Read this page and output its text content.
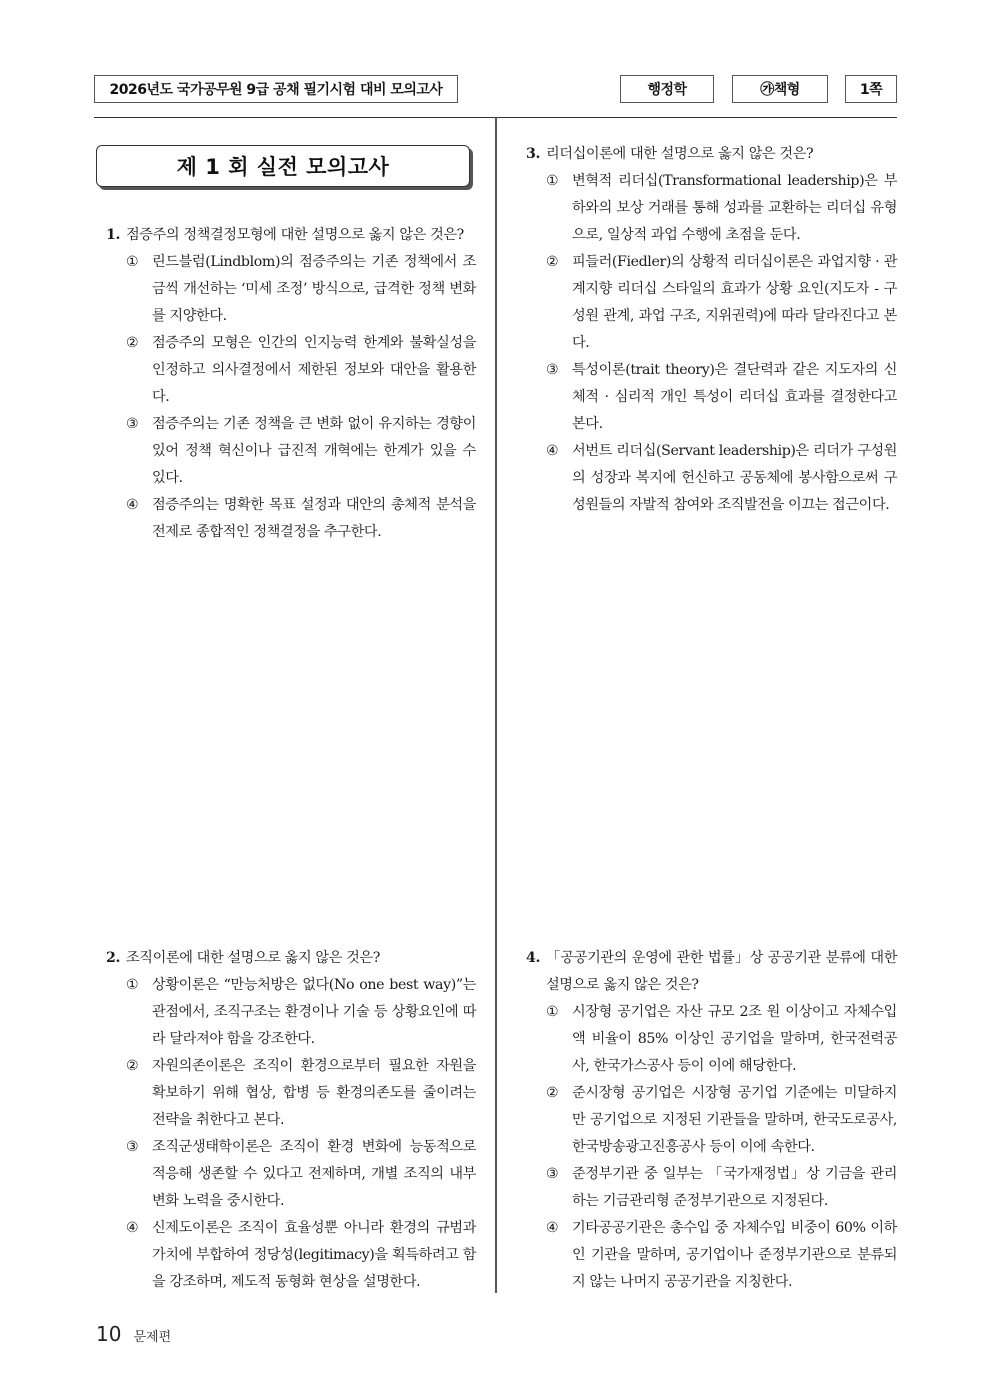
2026년도 국가공무원 9급 공채 필기시험 대비 모의고사	행정학	㉮책형	1쪽
제 1 회 실전 모의고사
1. 점증주의 정책결정모형에 대한 설명으로 옳지 않은 것은?
① 린드블럼(Lindblom)의 점증주의는 기존 정책에서 조금씩 개선하는 ‘미세 조정’ 방식으로, 급격한 정책 변화를 지양한다.
② 점증주의 모형은 인간의 인지능력 한계와 불확실성을 인정하고 의사결정에서 제한된 정보와 대안을 활용한다.
③ 점증주의는 기존 정책을 큰 변화 없이 유지하는 경향이 있어 정책 혁신이나 급진적 개혁에는 한계가 있을 수 있다.
④ 점증주의는 명확한 목표 설정과 대안의 총체적 분석을 전제로 종합적인 정책결정을 추구한다.
2. 조직이론에 대한 설명으로 옳지 않은 것은?
① 상황이론은 “만능처방은 없다(No one best way)”는 관점에서, 조직구조는 환경이나 기술 등 상황요인에 따라 달라져야 함을 강조한다.
② 자원의존이론은 조직이 환경으로부터 필요한 자원을 확보하기 위해 협상, 합병 등 환경의존도를 줄이려는 전략을 취한다고 본다.
③ 조직군생태학이론은 조직이 환경 변화에 능동적으로 적응해 생존할 수 있다고 전제하며, 개별 조직의 내부 변화 노력을 중시한다.
④ 신제도이론은 조직이 효율성뿐 아니라 환경의 규범과 가치에 부합하여 정당성(legitimacy)을 획득하려고 함을 강조하며, 제도적 동형화 현상을 설명한다.
3. 리더십이론에 대한 설명으로 옳지 않은 것은?
① 변혁적 리더십(Transformational leadership)은 부하와의 보상 거래를 통해 성과를 교환하는 리더십 유형으로, 일상적 과업 수행에 초점을 둔다.
② 피들러(Fiedler)의 상황적 리더십이론은 과업지향 · 관계지향 리더십 스타일의 효과가 상황 요인(지도자 - 구성원 관계, 과업 구조, 지위권력)에 따라 달라진다고 본다.
③ 특성이론(trait theory)은 결단력과 같은 지도자의 신체적 · 심리적 개인 특성이 리더십 효과를 결정한다고 본다.
④ 서번트 리더십(Servant leadership)은 리더가 구성원의 성장과 복지에 헌신하고 공동체에 봉사함으로써 구성원들의 자발적 참여와 조직발전을 이끄는 접근이다.
4. 「공공기관의 운영에 관한 법률」상 공공기관 분류에 대한 설명으로 옳지 않은 것은?
① 시장형 공기업은 자산 규모 2조 원 이상이고 자체수입액 비율이 85% 이상인 공기업을 말하며, 한국전력공사, 한국가스공사 등이 이에 해당한다.
② 준시장형 공기업은 시장형 공기업 기준에는 미달하지만 공기업으로 지정된 기관들을 말하며, 한국도로공사, 한국방송광고진흥공사 등이 이에 속한다.
③ 준정부기관 중 일부는 「국가재정법」상 기금을 관리하는 기금관리형 준정부기관으로 지정된다.
④ 기타공공기관은 총수입 중 자체수입 비중이 60% 이하인 기관을 말하며, 공기업이나 준정부기관으로 분류되지 않는 나머지 공공기관을 지칭한다.
10 문제편
